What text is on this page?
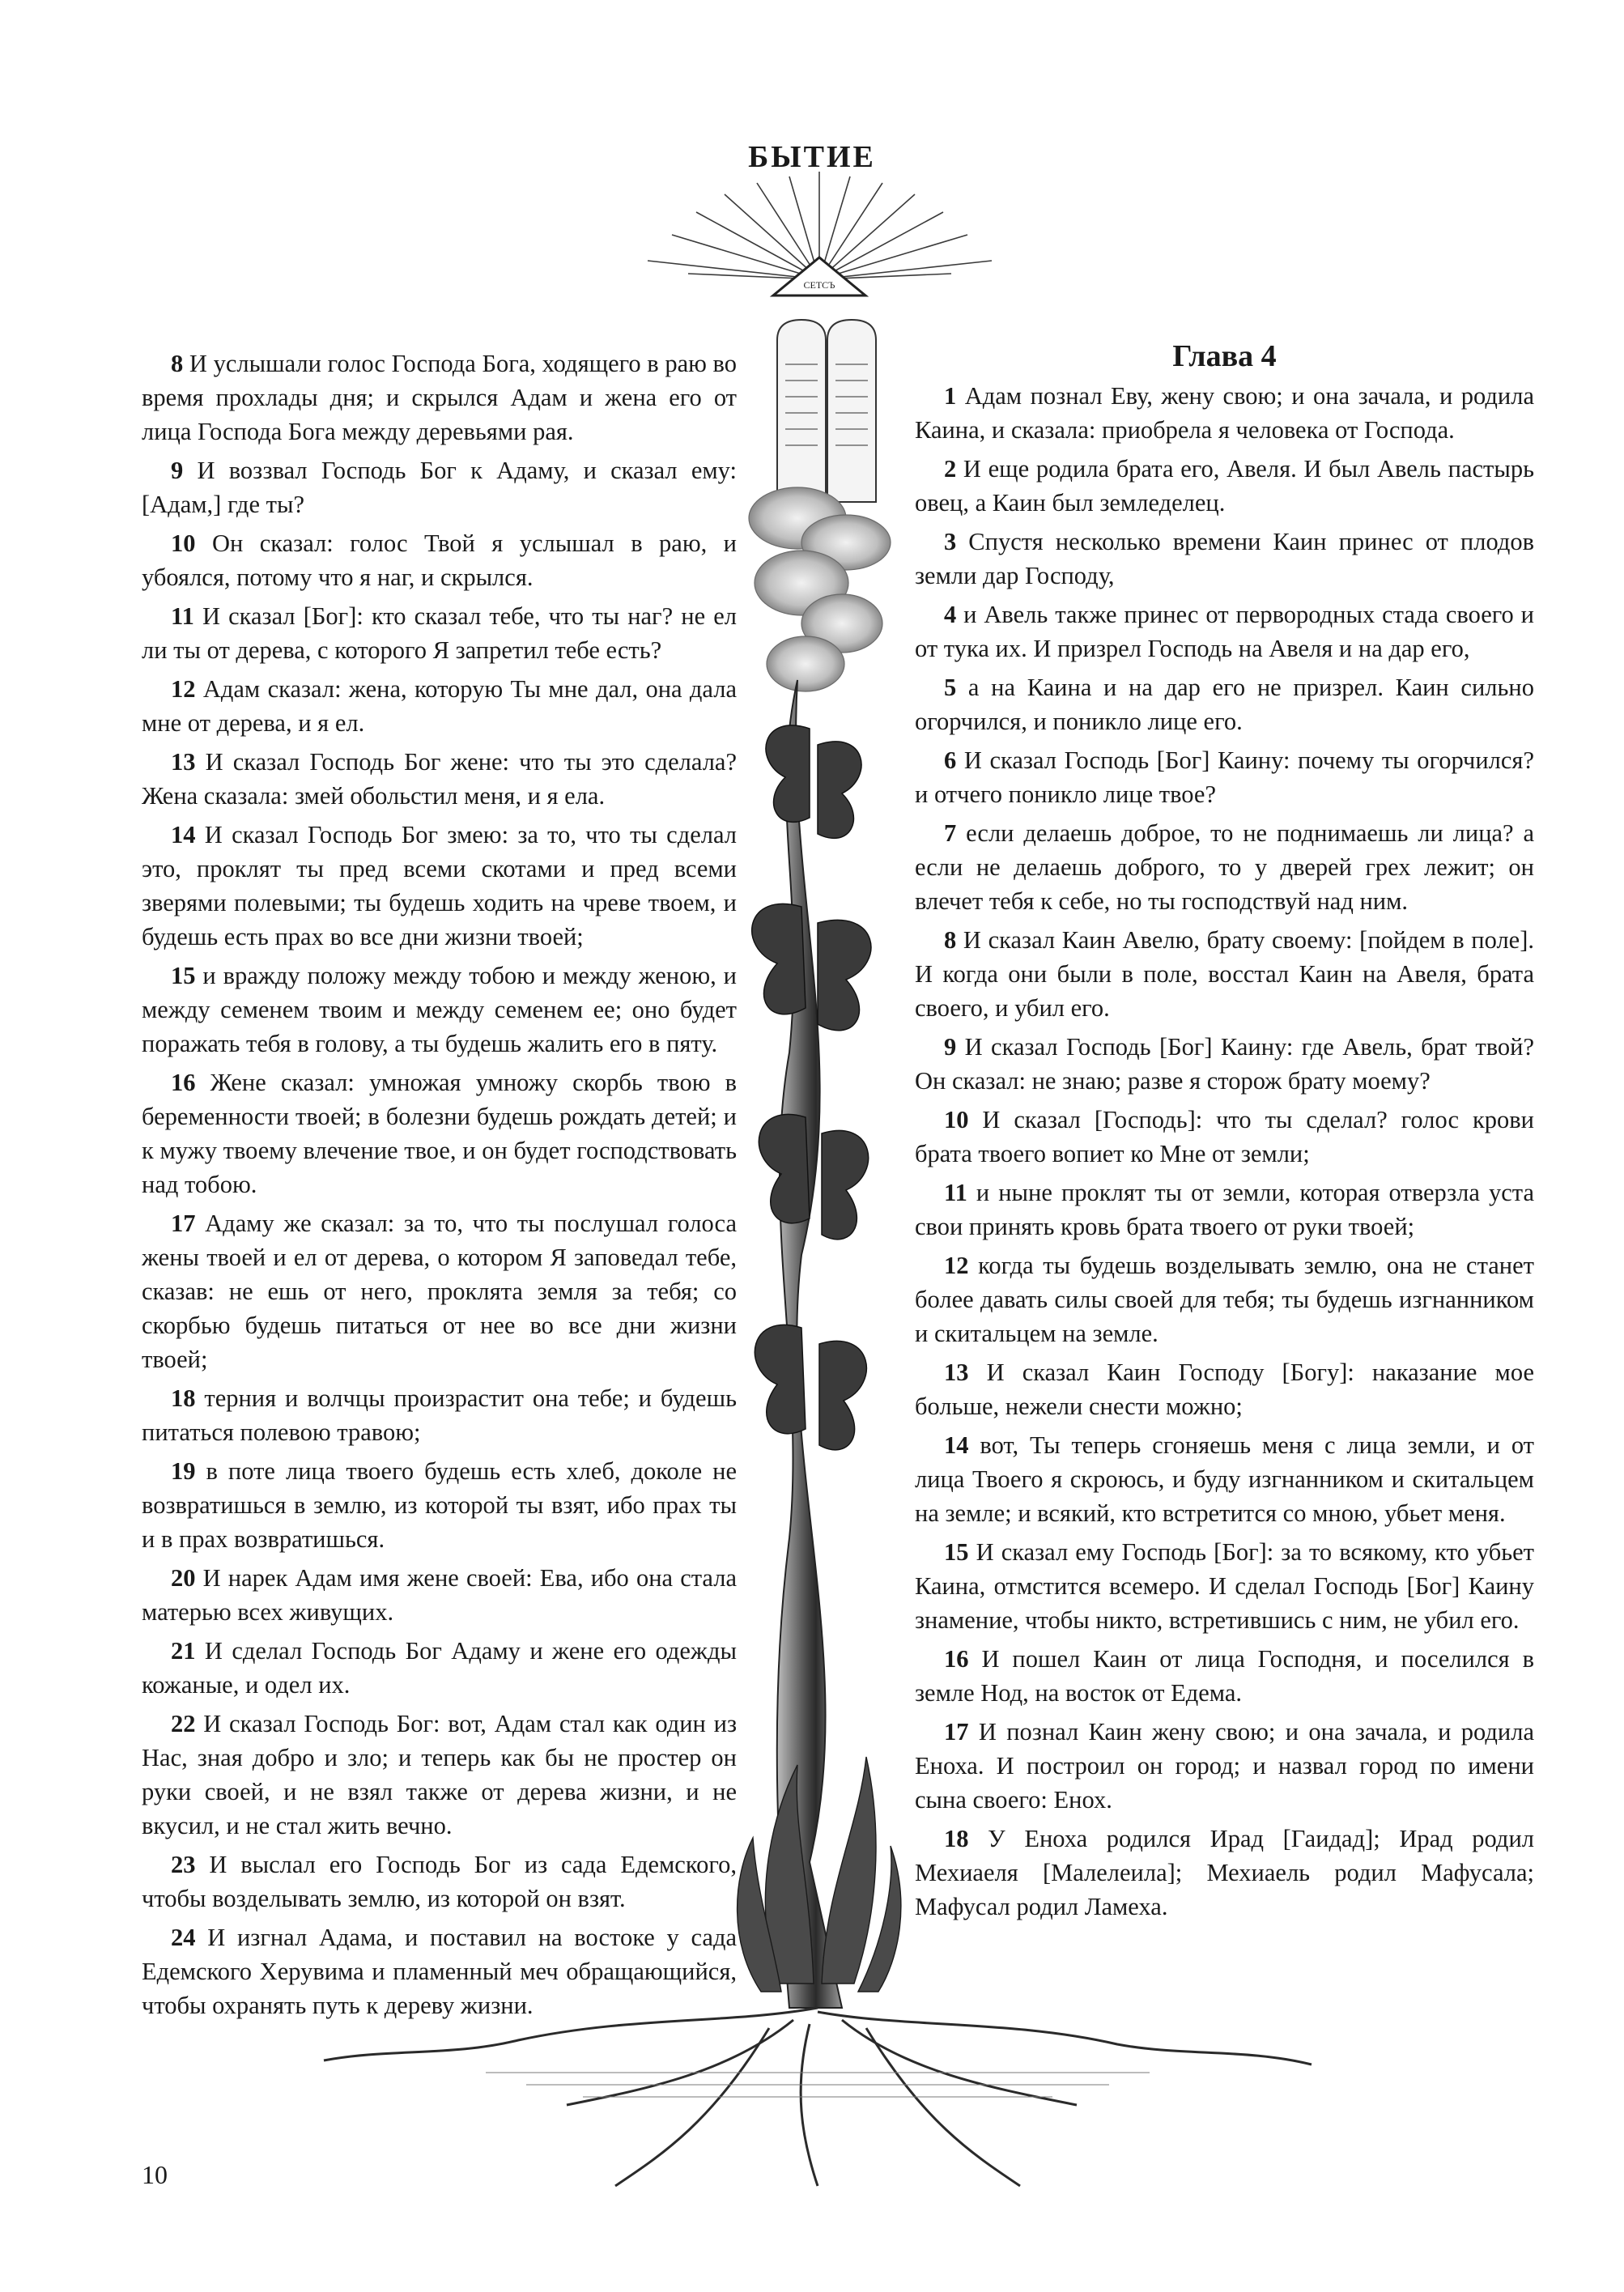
СЕТСЪ
БЫТИЕ

8 И услышали голос Господа Бога, ходящего в раю во время прохлады дня; и скрылся Адам и жена его от лица Господа Бога между деревьями рая.

9 И воззвал Господь Бог к Адаму, и сказал ему: [Адам,] где ты?

10 Он сказал: голос Твой я услышал в раю, и убоялся, потому что я наг, и скрылся.

11 И сказал [Бог]: кто сказал тебе, что ты наг? не ел ли ты от дерева, с которого Я запретил тебе есть?

12 Адам сказал: жена, которую Ты мне дал, она дала мне от дерева, и я ел.

13 И сказал Господь Бог жене: что ты это сделала? Жена сказала: змей обольстил меня, и я ела.

14 И сказал Господь Бог змею: за то, что ты сделал это, проклят ты пред всеми скотами и пред всеми зверями полевыми; ты будешь ходить на чреве твоем, и будешь есть прах во все дни жизни твоей;

15 и вражду положу между тобою и между женою, и между семенем твоим и между семенем ее; оно будет поражать тебя в голову, а ты будешь жалить его в пяту.

16 Жене сказал: умножая умножу скорбь твою в беременности твоей; в болезни будешь рождать детей; и к мужу твоему влечение твое, и он будет господствовать над тобою.

17 Адаму же сказал: за то, что ты послушал голоса жены твоей и ел от дерева, о котором Я заповедал тебе, сказав: не ешь от него, проклята земля за тебя; со скорбью будешь питаться от нее во все дни жизни твоей;

18 терния и волчцы произрастит она тебе; и будешь питаться полевою травою;

19 в поте лица твоего будешь есть хлеб, доколе не возвратишься в землю, из которой ты взят, ибо прах ты и в прах возвратишься.

20 И нарек Адам имя жене своей: Ева, ибо она стала матерью всех живущих.

21 И сделал Господь Бог Адаму и жене его одежды кожаные, и одел их.

22 И сказал Господь Бог: вот, Адам стал как один из Нас, зная добро и зло; и теперь как бы не простер он руки своей, и не взял также от дерева жизни, и не вкусил, и не стал жить вечно.

23 И выслал его Господь Бог из сада Едемского, чтобы возделывать землю, из которой он взят.

24 И изгнал Адама, и поставил на востоке у сада Едемского Херувима и пламенный меч обращающийся, чтобы охранять путь к дереву жизни.

Глава 4

1 Адам познал Еву, жену свою; и она зачала, и родила Каина, и сказала: приобрела я человека от Господа.

2 И еще родила брата его, Авеля. И был Авель пастырь овец, а Каин был земледелец.

3 Спустя несколько времени Каин принес от плодов земли дар Господу,

4 и Авель также принес от первородных стада своего и от тука их. И призрел Господь на Авеля и на дар его,

5 а на Каина и на дар его не призрел. Каин сильно огорчился, и поникло лице его.

6 И сказал Господь [Бог] Каину: почему ты огорчился? и отчего поникло лице твое?

7 если делаешь доброе, то не поднимаешь ли лица? а если не делаешь доброго, то у дверей грех лежит; он влечет тебя к себе, но ты господствуй над ним.

8 И сказал Каин Авелю, брату своему: [пойдем в поле]. И когда они были в поле, восстал Каин на Авеля, брата своего, и убил его.

9 И сказал Господь [Бог] Каину: где Авель, брат твой? Он сказал: не знаю; разве я сторож брату моему?

10 И сказал [Господь]: что ты сделал? голос крови брата твоего вопиет ко Мне от земли;

11 и ныне проклят ты от земли, которая отверзла уста свои принять кровь брата твоего от руки твоей;

12 когда ты будешь возделывать землю, она не станет более давать силы своей для тебя; ты будешь изгнанником и скитальцем на земле.

13 И сказал Каин Господу [Богу]: наказание мое больше, нежели снести можно;

14 вот, Ты теперь сгоняешь меня с лица земли, и от лица Твоего я скроюсь, и буду изгнанником и скитальцем на земле; и всякий, кто встретится со мною, убьет меня.

15 И сказал ему Господь [Бог]: за то всякому, кто убьет Каина, отмстится всемеро. И сделал Господь [Бог] Каину знамение, чтобы никто, встретившись с ним, не убил его.

16 И пошел Каин от лица Господня, и поселился в земле Нод, на восток от Едема.

17 И познал Каин жену свою; и она зачала, и родила Еноха. И построил он город; и назвал город по имени сына своего: Енох.

18 У Еноха родился Ирад [Гаидад]; Ирад родил Мехиаеля [Малелеила]; Мехиаель родил Мафусала; Мафусал родил Ламеха.

10
